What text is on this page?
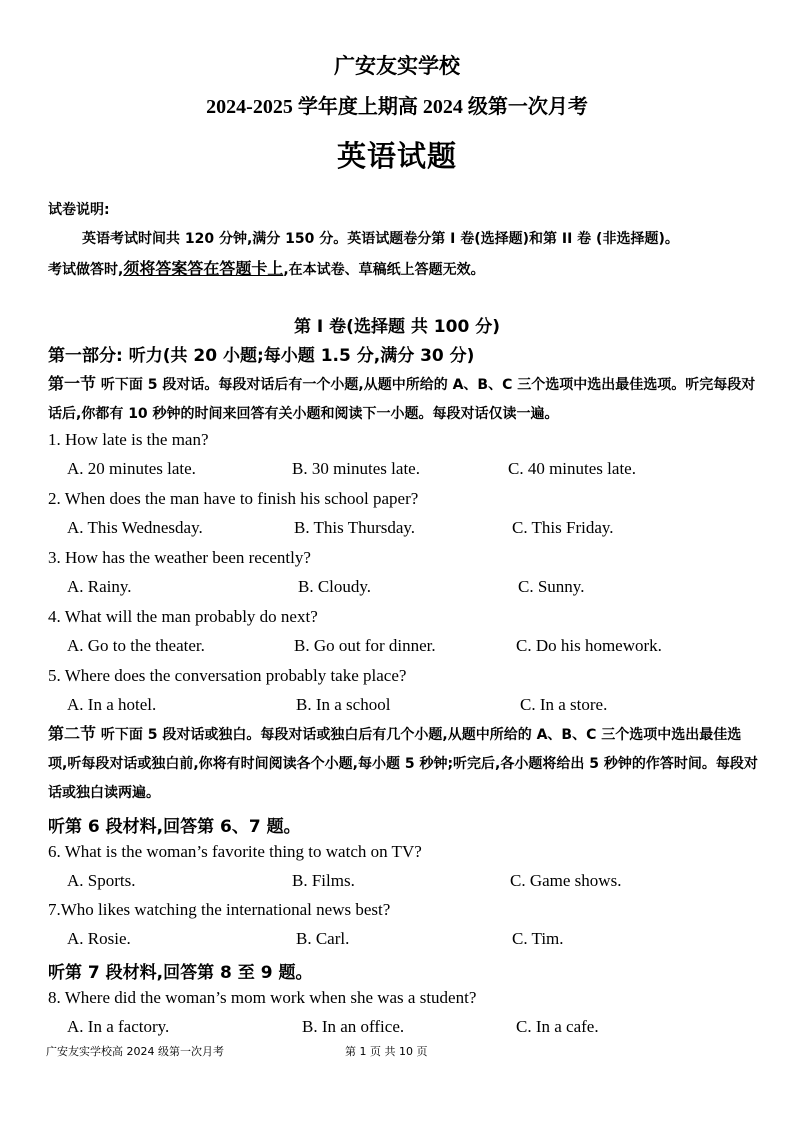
广安友实学校
2024-2025 学年度上期高 2024 级第一次月考
英语试题
试卷说明:
英语考试时间共 120 分钟,满分 150 分。英语试题卷分第 I 卷(选择题)和第 II 卷 (非选择题)。
考试做答时,须将答案答在答题卡上,在本试卷、草稿纸上答题无效。
第 I 卷(选择题 共 100 分)
第一部分: 听力(共 20 小题;每小题 1.5 分,满分 30 分)
第一节 听下面 5 段对话。每段对话后有一个小题,从题中所给的 A、B、C 三个选项中选出最佳选项。听完每段对话后,你都有 10 秒钟的时间来回答有关小题和阅读下一小题。每段对话仅读一遍。
1. How late is the man?
A. 20 minutes late.	B. 30 minutes late.	C. 40 minutes late.
2. When does the man have to finish his school paper?
A. This Wednesday.	B. This Thursday.	C. This Friday.
3. How has the weather been recently?
A. Rainy.	B. Cloudy.	C. Sunny.
4. What will the man probably do next?
A. Go to the theater.	B. Go out for dinner.	C. Do his homework.
5. Where does the conversation probably take place?
A. In a hotel.	B. In a school	C. In a store.
第二节 听下面 5 段对话或独白。每段对话或独白后有几个小题,从题中所给的 A、B、C 三个选项中选出最佳选项,听每段对话或独白前,你将有时间阅读各个小题,每小题 5 秒钟;听完后,各小题将给出 5 秒钟的作答时间。每段对话或独白读两遍。
听第 6 段材料,回答第 6、7 题。
6. What is the woman’s favorite thing to watch on TV?
A. Sports.	B. Films.	C. Game shows.
7.Who likes watching the international news best?
A. Rosie.	B. Carl.	C. Tim.
听第 7 段材料,回答第 8 至 9 题。
8. Where did the woman’s mom work when she was a student?
A. In a factory.	B. In an office.	C. In a cafe.
广安友实学校高 2024 级第一次月考	第 1 页 共 10 页
